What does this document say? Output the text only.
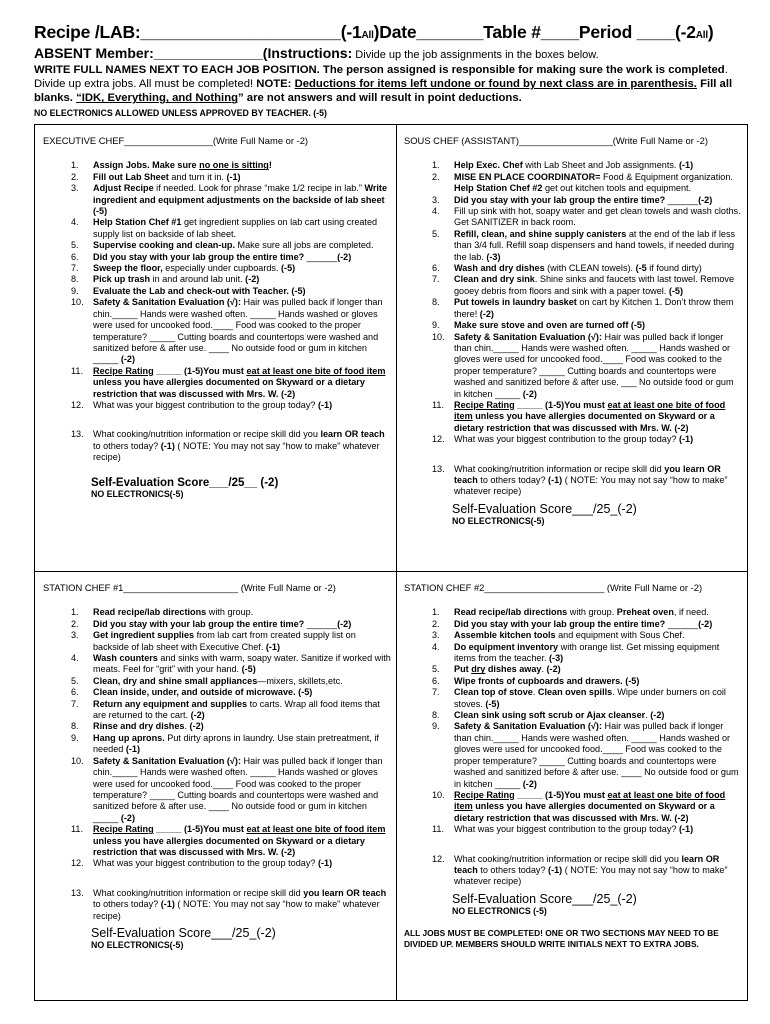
Recipe /LAB:_____________________(-1All)Date_______Table #____Period ____(-2All)
ABSENT Member:______________(Instructions: Divide up the job assignments in the boxes below.
WRITE FULL NAMES NEXT TO EACH JOB POSITION. The person assigned is responsible for making sure the work is completed. Divide up extra jobs. All must be completed! NOTE: Deductions for items left undone or found by next class are in parenthesis. Fill all blanks. “IDK, Everything, and Nothing” are not answers and will result in point deductions.
NO ELECTRONICS ALLOWED UNLESS APPROVED BY TEACHER. (-5)
EXECUTIVE CHEF_________________(Write Full Name or -2)
1. Assign Jobs. Make sure no one is sitting!
2. Fill out Lab Sheet and turn it in. (-1)
3. Adjust Recipe if needed. Look for phrase “make 1/2 recipe in lab.” Write ingredient and equipment adjustments on the backside of lab sheet (-5)
4. Help Station Chef #1 get ingredient supplies on lab cart using created supply list on backside of lab sheet.
5. Supervise cooking and clean-up. Make sure all jobs are completed.
6. Did you stay with your lab group the entire time? ______(-2)
7. Sweep the floor, especially under cupboards. (-5)
8. Pick up trash in and around lab unit. (-2)
9. Evaluate the Lab and check-out with Teacher. (-5)
10. Safety & Sanitation Evaluation (√): Hair was pulled back if longer than chin._____ Hands were washed often. _____ Hands washed or gloves were used for uncooked food.____ Food was cooked to the proper temperature? _____ Cutting boards and countertops were washed and sanitized before & after use. ____ No outside food or gum in kitchen _____ (-2)
11. Recipe Rating _____ (1-5)You must eat at least one bite of food item unless you have allergies documented on Skyward or a dietary restriction that was discussed with Mrs. W. (-2)
12. What was your biggest contribution to the group today? (-1)
13. What cooking/nutrition information or recipe skill did you learn OR teach to others today? (-1) ( NOTE: You may not say “how to make” whatever recipe)
Self-Evaluation Score___/25__ (-2)
NO ELECTRONICS(-5)
SOUS CHEF (ASSISTANT)__________________(Write Full Name or -2)
1. Help Exec. Chef with Lab Sheet and Job assignments. (-1)
2. MISE EN PLACE COORDINATOR= Food & Equipment organization. Help Station Chef #2 get out kitchen tools and equipment.
3. Did you stay with your lab group the entire time? ______(-2)
4. Fill up sink with hot, soapy water and get clean towels and wash cloths. Get SANITIZER in back room.
5. Refill, clean, and shine supply canisters at the end of the lab if less than 3/4 full. Refill soap dispensers and hand towels, if needed during the lab. (-3)
6. Wash and dry dishes (with CLEAN towels). (-5 if found dirty)
7. Clean and dry sink. Shine sinks and faucets with last towel. Remove gooey debris from floors and sink with a paper towel. (-5)
8. Put towels in laundry basket on cart by Kitchen 1. Don’t throw them there! (-2)
9. Make sure stove and oven are turned off (-5)
10. Safety & Sanitation Evaluation (√): Hair was pulled back if longer than chin._____ Hands were washed often. _____ Hands washed or gloves were used for uncooked food.____ Food was cooked to the proper temperature? _____ Cutting boards and countertops were washed and sanitized before & after use. ___ No outside food or gum in kitchen _____ (-2)
11. Recipe Rating _____ (1-5)You must eat at least one bite of food item unless you have allergies documented on Skyward or a dietary restriction that was discussed with Mrs. W. (-2)
12. What was your biggest contribution to the group today? (-1)
13. What cooking/nutrition information or recipe skill did you learn OR teach to others today? (-1) ( NOTE: You may not say “how to make” whatever recipe)
Self-Evaluation Score___/25_(-2)
NO ELECTRONICS(-5)
STATION CHEF #1______________________ (Write Full Name or -2)
1. Read recipe/lab directions with group.
2. Did you stay with your lab group the entire time? ______(-2)
3. Get ingredient supplies from lab cart from created supply list on backside of lab sheet with Executive Chef. (-1)
4. Wash counters and sinks with warm, soapy water. Sanitize if worked with meats. Feel for “grit” with your hand. (-5)
5. Clean, dry and shine small appliances—mixers, skillets,etc.
6. Clean inside, under, and outside of microwave. (-5)
7. Return any equipment and supplies to carts. Wrap all food items that are returned to the cart. (-2)
8. Rinse and dry dishes. (-2)
9. Hang up aprons. Put dirty aprons in laundry. Use stain pretreatment, if needed (-1)
10. Safety & Sanitation Evaluation (√): Hair was pulled back if longer than chin._____ Hands were washed often. _____ Hands washed or gloves were used for uncooked food.____ Food was cooked to the proper temperature? _____ Cutting boards and countertops were washed and sanitized before & after use. ____ No outside food or gum in kitchen _____ (-2)
11. Recipe Rating _____ (1-5)You must eat at least one bite of food item unless you have allergies documented on Skyward or a dietary restriction that was discussed with Mrs. W. (-2)
12. What was your biggest contribution to the group today? (-1)
13. What cooking/nutrition information or recipe skill did you learn OR teach to others today? (-1) ( NOTE: You may not say “how to make” whatever recipe)
Self-Evaluation Score___/25_(-2)
NO ELECTRONICS(-5)
STATION CHEF #2_______________________ (Write Full Name or -2)
1. Read recipe/lab directions with group. Preheat oven, if need.
2. Did you stay with your lab group the entire time? ______(-2)
3. Assemble kitchen tools and equipment with Sous Chef.
4. Do equipment inventory with orange list. Get missing equipment items from the teacher. (-3)
5. Put dry dishes away. (-2)
6. Wipe fronts of cupboards and drawers. (-5)
7. Clean top of stove. Clean oven spills. Wipe under burners on coil stoves. (-5)
8. Clean sink using soft scrub or Ajax cleanser. (-2)
9. Safety & Sanitation Evaluation (√): Hair was pulled back if longer than chin._____ Hands were washed often. _____ Hands washed or gloves were used for uncooked food.____ Food was cooked to the proper temperature? _____ Cutting boards and countertops were washed and sanitized before & after use. ____ No outside food or gum in kitchen _____ (-2)
10. Recipe Rating _____ (1-5)You must eat at least one bite of food item unless you have allergies documented on Skyward or a dietary restriction that was discussed with Mrs. W. (-2)
11. What was your biggest contribution to the group today? (-1)
12. What cooking/nutrition information or recipe skill did you learn OR teach to others today? (-1) ( NOTE: You may not say “how to make” whatever recipe)
Self-Evaluation Score___/25_(-2)
NO ELECTRONICS (-5)
ALL JOBS MUST BE COMPLETED! ONE OR TWO SECTIONS MAY NEED TO BE DIVIDED UP. MEMBERS SHOULD WRITE INITIALS NEXT TO EXTRA JOBS.
